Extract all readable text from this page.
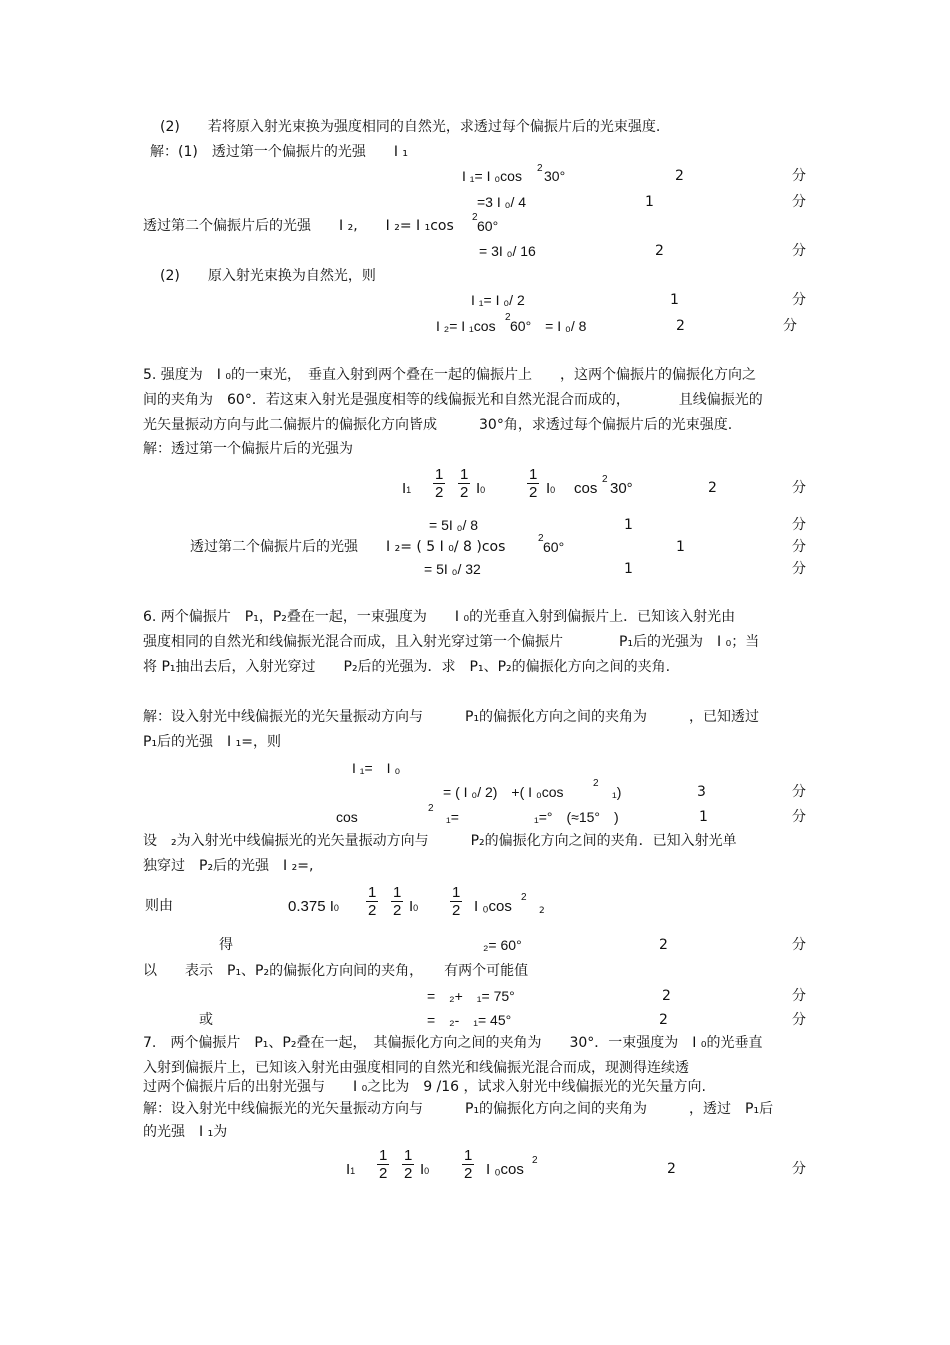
(2)　　若将原入射光束换为强度相同的自然光，求透过每个偏振片后的光束强度.
解：(1)　透过第一个偏振片的光强　　I ₁
I ₁= I ₀cos 2 30°	2	分
=3 I ₀/ 4	1	分
透过第二个偏振片后的光强　　I ₂,　　I ₂= I ₁cos
2
60°
= 3I ₀/ 16	2	分
(2)　　原入射光束换为自然光，则
I ₁= I ₀/ 2	1	分
I ₂= I ₁cos
2
60°　= I ₀/ 8	2	分
5. 强度为　I ₀的一束光，　垂直入射到两个叠在一起的偏振片上　　，这两个偏振片的偏振化方向之
间的夹角为　60°．若这束入射光是强度相等的线偏振光和自然光混合而成的，　　　　且线偏振光的
光矢量振动方向与此二偏振片的偏振化方向皆成　　　30°角，求透过每个偏振片后的光束强度.
解：透过第一个偏振片后的光强为
$I1 \frac{1}{2} \frac{1}{2} I0$	$\frac{1}{2} I0$ cos
2
30°	2	分
= 5I ₀/ 8	1	分
透过第二个偏振片后的光强　　I ₂= ( 5 I ₀/ 8 )cos
2
60°	1	分
= 5I ₀/ 32	1	分
6. 两个偏振片　P₁，P₂叠在一起，一束强度为　　I ₀的光垂直入射到偏振片上．已知该入射光由
强度相同的自然光和线偏振光混合而成，且入射光穿过第一个偏振片　　　　P₁后的光强为　I ₀；当
将 P₁抽出去后，入射光穿过　　P₂后的光强为．求　P₁、P₂的偏振化方向之间的夹角.
解：设入射光中线偏振光的光矢量振动方向与　　　P₁的偏振化方向之间的夹角为　　　，已知透过
P₁后的光强　I ₁=，则
I ₁=　I ₀
= ( I ₀/ 2)　+( I ₀cos
2
₁)	3	分
cos
2
₁=	₁=°　(≈15°　)	1	分
设　₂为入射光中线偏振光的光矢量振动方向与　　　P₂的偏振化方向之间的夹角．已知入射光单
独穿过　P₂后的光强　I ₂=,
则由	0.375 $I0 \frac{1}{2} \frac{1}{2} I0 \frac{1}{2}$ I ₀cos
2
2
得	₂= 60°	2	分
以　　表示　P₁、P₂的偏振化方向间的夹角，　　有两个可能值
=　₂+　₁= 75°	2	分
或	=　₂-　₁= 45°	2	分
7.　两个偏振片　P₁、P₂叠在一起，　其偏振化方向之间的夹角为　　30°．一束强度为　I ₀的光垂直
入射到偏振片上，已知该入射光由强度相同的自然光和线偏振光混合而成，现测得连续透
过两个偏振片后的出射光强与　　I ₀之比为　9 /16 ，试求入射光中线偏振光的光矢量方向.
解：设入射光中线偏振光的光矢量振动方向与　　　P₁的偏振化方向之间的夹角为　　　，透过　P₁后
的光强　I ₁为
$I1 \frac{1}{2} \frac{1}{2} I0 \frac{1}{2}$ I ₀cos
2
2	分
